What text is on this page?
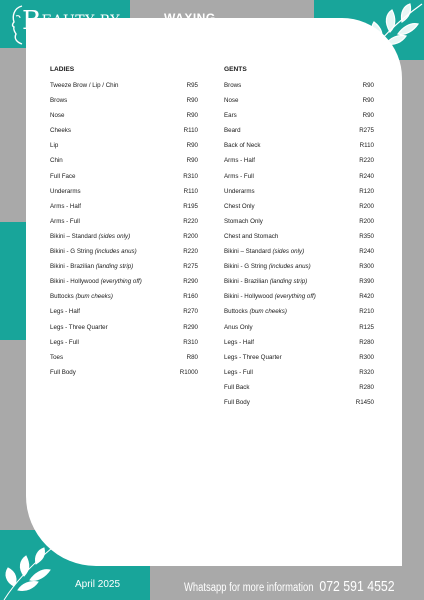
BEAUTY BY
Tamz
WAXING
LADIES
Tweeze Brow / Lip / Chin	R95
Brows	R90
Nose	R90
Cheeks	R110
Lip	R90
Chin	R90
Full Face	R310
Underarms	R110
Arms - Half	R195
Arms - Full	R220
Bikini – Standard (sides only)	R200
Bikini - G String (includes anus)	R220
Bikini - Brazilian (landing strip)	R275
Bikini - Hollywood (everything off)	R290
Buttocks (bum cheeks)	R160
Legs - Half	R270
Legs - Three Quarter	R290
Legs - Full	R310
Toes	R80
Full Body	R1000
GENTS
Brows	R90
Nose	R90
Ears	R90
Beard	R275
Back of Neck	R110
Arms - Half	R220
Arms - Full	R240
Underarms	R120
Chest Only	R200
Stomach Only	R200
Chest and Stomach	R350
Bikini – Standard (sides only)	R240
Bikini - G String (includes anus)	R300
Bikini - Brazilian (landing strip)	R390
Bikini - Hollywood (everything off)	R420
Buttocks (bum cheeks)	R210
Anus Only	R125
Legs - Half	R280
Legs - Three Quarter	R300
Legs - Full	R320
Full Back	R280
Full Body	R1450
April 2025	Whatsapp for more information 072 591 4552
